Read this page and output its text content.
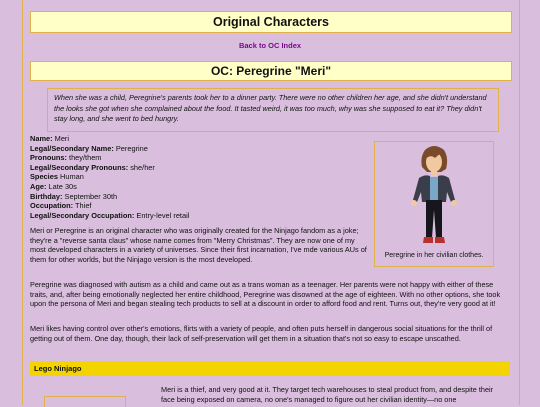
Original Characters
Back to OC Index
OC: Peregrine "Meri"
When she was a child, Peregrine's parents took her to a dinner party. There were no other children her age, and she didn't understand the looks she got when she complained about the food. It tasted weird, it was too much, why was she supposed to eat it? They didn't stay long, and she went to bed hungry.
Name: Meri
Legal/Secondary Name: Peregrine
Pronouns: they/them
Legal/Secondary Pronouns: she/her
Species Human
Age: Late 30s
Birthday: September 30th
Occupation: Thief
Legal/Secondary Occupation: Entry-level retail
Peregrine in her civilian clothes.

Meri or Peregrine is an original character who was originally created for the Ninjago fandom as a joke; they're a "reverse santa claus" whose name comes from "Merry Christmas". They are now one of my most developed characters in a variety of universes. Since their first incarnation, I've mde various AUs of them for other worlds, but the Ninjago version is the most developed.

Peregrine was diagnosed with autism as a child and came out as a trans woman as a teenager. Her parents were not happy with either of these traits, and, after being emotionally neglected her entire childhood, Peregrine was disowned at the age of eighteen. With no other options, she took upon the persona of Meri and began stealing tech products to sell at a discount in order to afford food and rent. Turns out, they're very good at it!

Meri likes having control over other's emotions, flirts with a variety of people, and often puts herself in dangerous social situations for the thrill of getting out of them. One day, though, their lack of self-preservation will get them in a situation that's not so easy to escape unscathed.

Lego Ninjago

Meri is a thief, and very good at it. They target tech warehouses to steal product from, and despite their face being exposed on camera, no one's managed to figure out her civilian identity—no one
